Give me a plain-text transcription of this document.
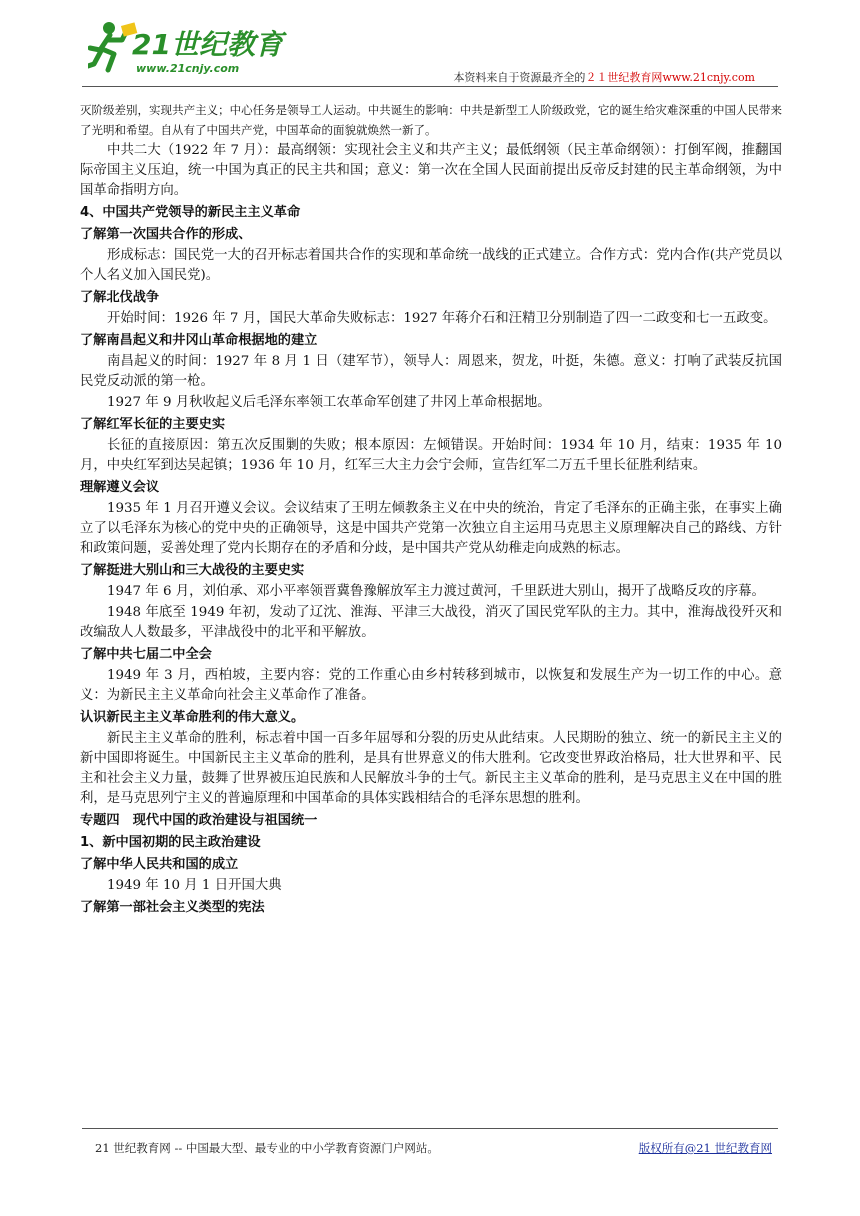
21世纪教育
www.21cnjy.com
本资料来自于资源最齐全的２１世纪教育网www.21cnjy.com
灭阶级差别，实现共产主义；中心任务是领导工人运动。中共诞生的影响：中共是新型工人阶级政党，它的诞生给灾难深重的中国人民带来了光明和希望。自从有了中国共产党，中国革命的面貌就焕然一新了。
中共二大（1922 年 7 月）：最高纲领：实现社会主义和共产主义；最低纲领（民主革命纲领）：打倒军阀，推翻国际帝国主义压迫，统一中国为真正的民主共和国；意义：第一次在全国人民面前提出反帝反封建的民主革命纲领，为中国革命指明方向。
4、中国共产党领导的新民主主义革命
了解第一次国共合作的形成、
形成标志：国民党一大的召开标志着国共合作的实现和革命统一战线的正式建立。合作方式：党内合作(共产党员以个人名义加入国民党)。
了解北伐战争
开始时间：1926 年 7 月，国民大革命失败标志：1927 年蒋介石和汪精卫分别制造了四一二政变和七一五政变。
了解南昌起义和井冈山革命根据地的建立
南昌起义的时间：1927 年 8 月 1 日（建军节），领导人：周恩来，贺龙，叶挺，朱德。意义：打响了武装反抗国民党反动派的第一枪。
1927 年 9 月秋收起义后毛泽东率领工农革命军创建了井冈上革命根据地。
了解红军长征的主要史实
长征的直接原因：第五次反围剿的失败；根本原因：左倾错误。开始时间：1934 年 10 月，结束：1935 年 10 月，中央红军到达吴起镇；1936 年 10 月，红军三大主力会宁会师，宣告红军二万五千里长征胜利结束。
理解遵义会议
1935 年 1 月召开遵义会议。会议结束了王明左倾教条主义在中央的统治，肯定了毛泽东的正确主张，在事实上确立了以毛泽东为核心的党中央的正确领导，这是中国共产党第一次独立自主运用马克思主义原理解决自己的路线、方针和政策问题，妥善处理了党内长期存在的矛盾和分歧，是中国共产党从幼稚走向成熟的标志。
了解挺进大别山和三大战役的主要史实
1947 年 6 月，刘伯承、邓小平率领晋冀鲁豫解放军主力渡过黄河，千里跃进大别山，揭开了战略反攻的序幕。
1948 年底至 1949 年初，发动了辽沈、淮海、平津三大战役，消灭了国民党军队的主力。其中，淮海战役歼灭和改编敌人人数最多，平津战役中的北平和平解放。
了解中共七届二中全会
1949 年 3 月，西柏坡，主要内容：党的工作重心由乡村转移到城市，以恢复和发展生产为一切工作的中心。意义：为新民主主义革命向社会主义革命作了准备。
认识新民主主义革命胜利的伟大意义。
新民主主义革命的胜利，标志着中国一百多年屈辱和分裂的历史从此结束。人民期盼的独立、统一的新民主主义的新中国即将诞生。中国新民主主义革命的胜利，是具有世界意义的伟大胜利。它改变世界政治格局，壮大世界和平、民主和社会主义力量，鼓舞了世界被压迫民族和人民解放斗争的士气。新民主主义革命的胜利，是马克思主义在中国的胜利，是马克思列宁主义的普遍原理和中国革命的具体实践相结合的毛泽东思想的胜利。
专题四　现代中国的政治建设与祖国统一
1、新中国初期的民主政治建设
了解中华人民共和国的成立
1949 年 10 月 1 日开国大典
了解第一部社会主义类型的宪法
21 世纪教育网 -- 中国最大型、最专业的中小学教育资源门户网站。	版权所有@21 世纪教育网
